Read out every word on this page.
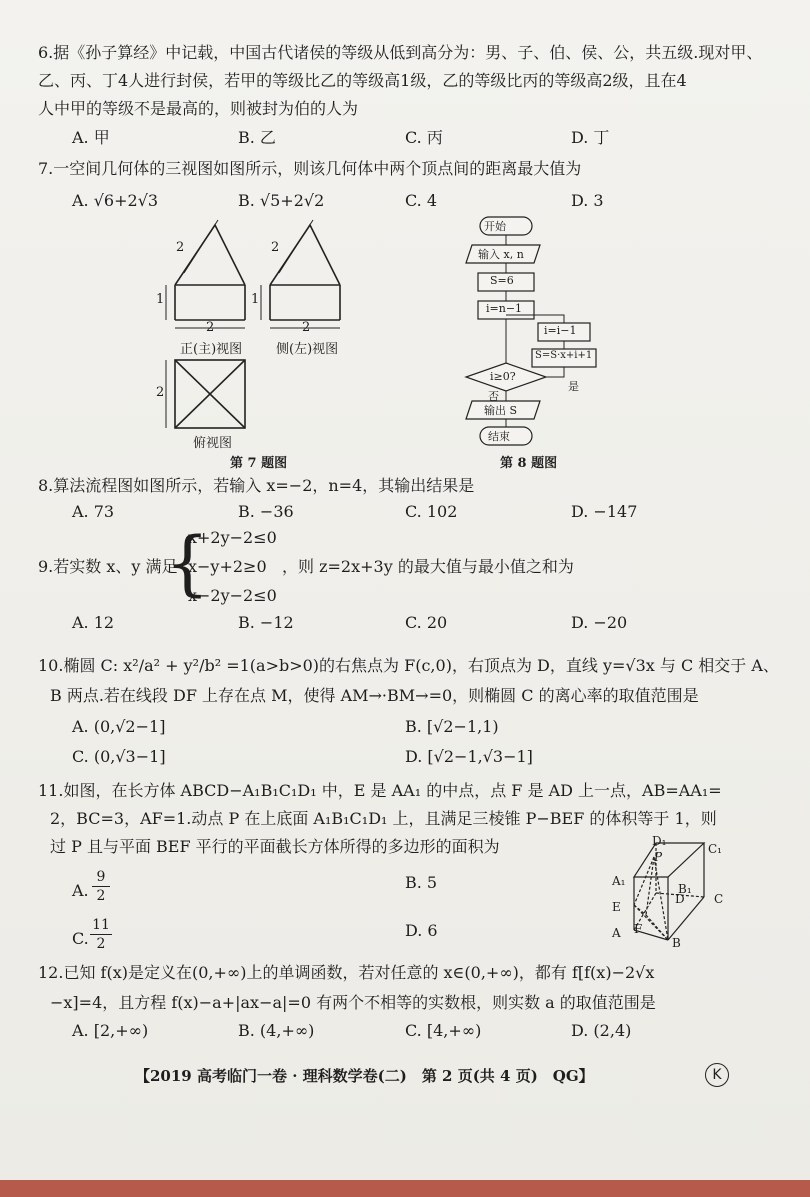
6.据《孙子算经》中记载，中国古代诸侯的等级从低到高分为：男、子、伯、侯、公，共五级.现对甲、
乙、丙、丁4人进行封侯，若甲的等级比乙的等级高1级，乙的等级比丙的等级高2级，且在4
人中甲的等级不是最高的，则被封为伯的人为
A. 甲	B. 乙	C. 丙	D. 丁
7.一空间几何体的三视图如图所示，则该几何体中两个顶点间的距离最大值为
A. √6+2√3	B. √5+2√2	C. 4	D. 3
2	2
1	1
2	2
2
正(主)视图	侧(左)视图
俯视图
第 7 题图
开始
输入 x, n
S=6
i=n−1
i=i−1
S=S·x+i+1
i≥0?
是
否
输出 S
结束
第 8 题图
8.算法流程图如图所示，若输入 x=−2，n=4，其输出结果是
A. 73	B. −36	C. 102	D. −147
9.若实数 x、y 满足
{
x+2y−2≤0
x−y+2≥0
x−2y−2≤0
，则 z=2x+3y 的最大值与最小值之和为
A. 12	B. −12	C. 20	D. −20
10.椭圆 C: x²/a² + y²/b² =1(a>b>0)的右焦点为 F(c,0)，右顶点为 D，直线 y=√3x 与 C 相交于 A、
B 两点.若在线段 DF 上存在点 M，使得 AM→·BM→=0，则椭圆 C 的离心率的取值范围是
A. (0,√2−1]	B. [√2−1,1)
C. (0,√3−1]	D. [√2−1,√3−1]
11.如图，在长方体 ABCD−A₁B₁C₁D₁ 中，E 是 AA₁ 的中点，点 F 是 AD 上一点，AB=AA₁=
2，BC=3，AF=1.动点 P 在上底面 A₁B₁C₁D₁ 上，且满足三棱锥 P−BEF 的体积等于 1，则
过 P 且与平面 BEF 平行的平面截长方体所得的多边形的面积为
A. $\frac{9}{2}$	B. 5
C. $\frac{11}{2}$	D. 6
D₁
C₁
P
A₁
B₁
E
D C
F
A
B
12.已知 f(x)是定义在(0,+∞)上的单调函数，若对任意的 x∈(0,+∞)，都有 f[f(x)−2√x
−x]=4，且方程 f(x)−a+|ax−a|=0 有两个不相等的实数根，则实数 a 的取值范围是
A. [2,+∞)	B. (4,+∞)	C. [4,+∞)	D. (2,4)
【2019 高考临门一卷 · 理科数学卷(二)　第 2 页(共 4 页)　QG】	K
